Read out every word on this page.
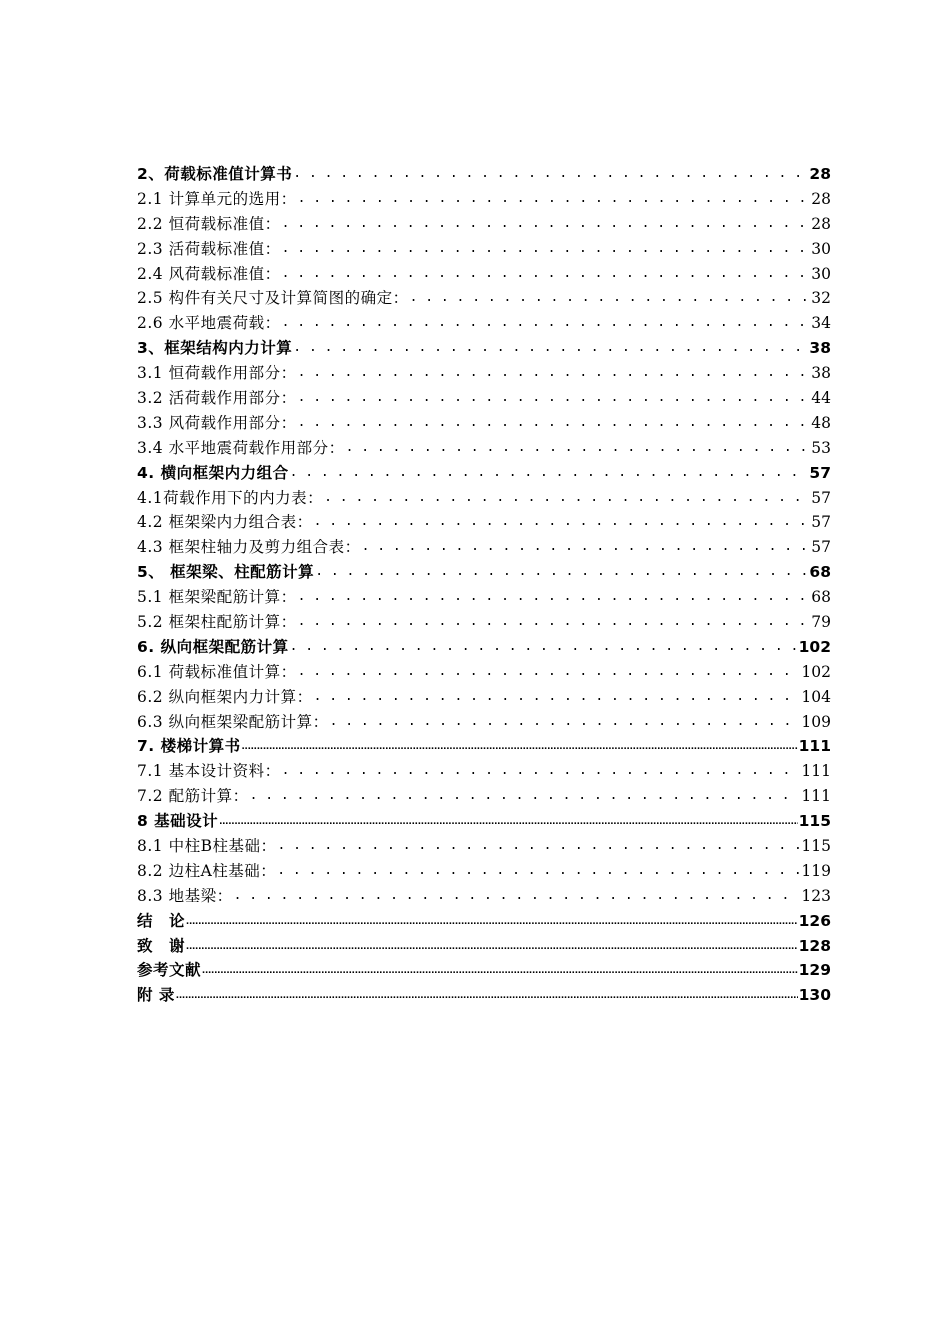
2、荷载标准值计算书 . . .	28
2.1 计算单元的选用： . . .	28
2.2 恒荷载标准值： . . .	28
2.3 活荷载标准值： . . .	30
2.4 风荷载标准值： . . .	30
2.5 构件有关尺寸及计算简图的确定： . . .	32
2.6 水平地震荷载： . . .	34
3、框架结构内力计算 . . .	38
3.1 恒荷载作用部分： . . .	38
3.2 活荷载作用部分： . . .	44
3.3 风荷载作用部分： . . .	48
3.4 水平地震荷载作用部分： . . .	53
4. 横向框架内力组合 . . .	57
4.1荷载作用下的内力表： . . .	57
4.2 框架梁内力组合表： . . .	57
4.3 框架柱轴力及剪力组合表： . . .	57
5、 框架梁、柱配筋计算 . . .	68
5.1 框架梁配筋计算： . . .	68
5.2 框架柱配筋计算： . . .	79
6. 纵向框架配筋计算 . . .	102
6.1 荷载标准值计算： . . .	102
6.2 纵向框架内力计算： . . .	104
6.3 纵向框架梁配筋计算： . . .	109
7. 楼梯计算书 .....	111
7.1 基本设计资料： . . .	111
7.2 配筋计算： . . .	111
8 基础设计 .....	115
8.1 中柱B柱基础： . . .	115
8.2 边柱A柱基础： . . .	119
8.3 地基梁： . . .	123
结　论 .....	126
致　谢 .....	128
参考文献 .....	129
附 录 .....	130
